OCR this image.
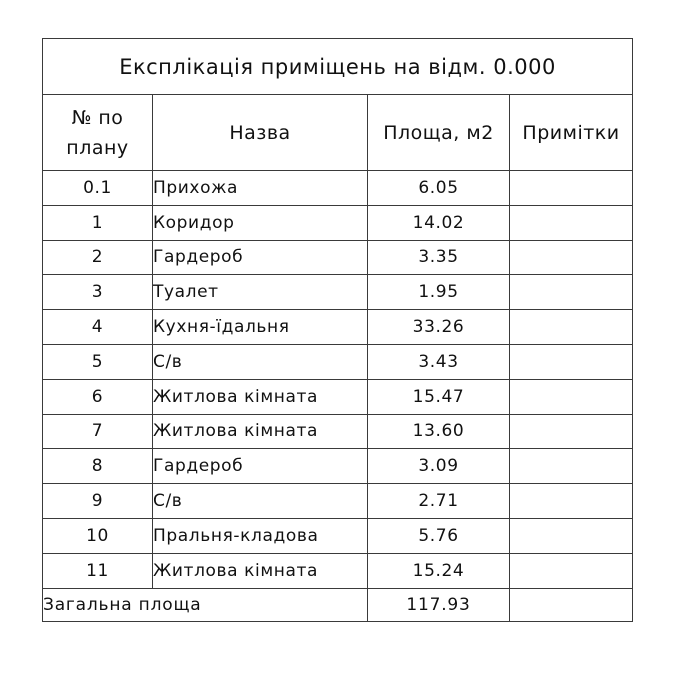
Експлікація приміщень на відм. 0.000			
№ по плану	Назва	Площа, м2	Примітки
0.1	Прихожа	6.05	
1	Коридор	14.02	
2	Гардероб	3.35	
3	Туалет	1.95	
4	Кухня-їдальня	33.26	
5	С/в	3.43	
6	Житлова кімната	15.47	
7	Житлова кімната	13.60	
8	Гардероб	3.09	
9	С/в	2.71	
10	Пральня-кладова	5.76	
11	Житлова кімната	15.24	
Загальна площа		117.93	
